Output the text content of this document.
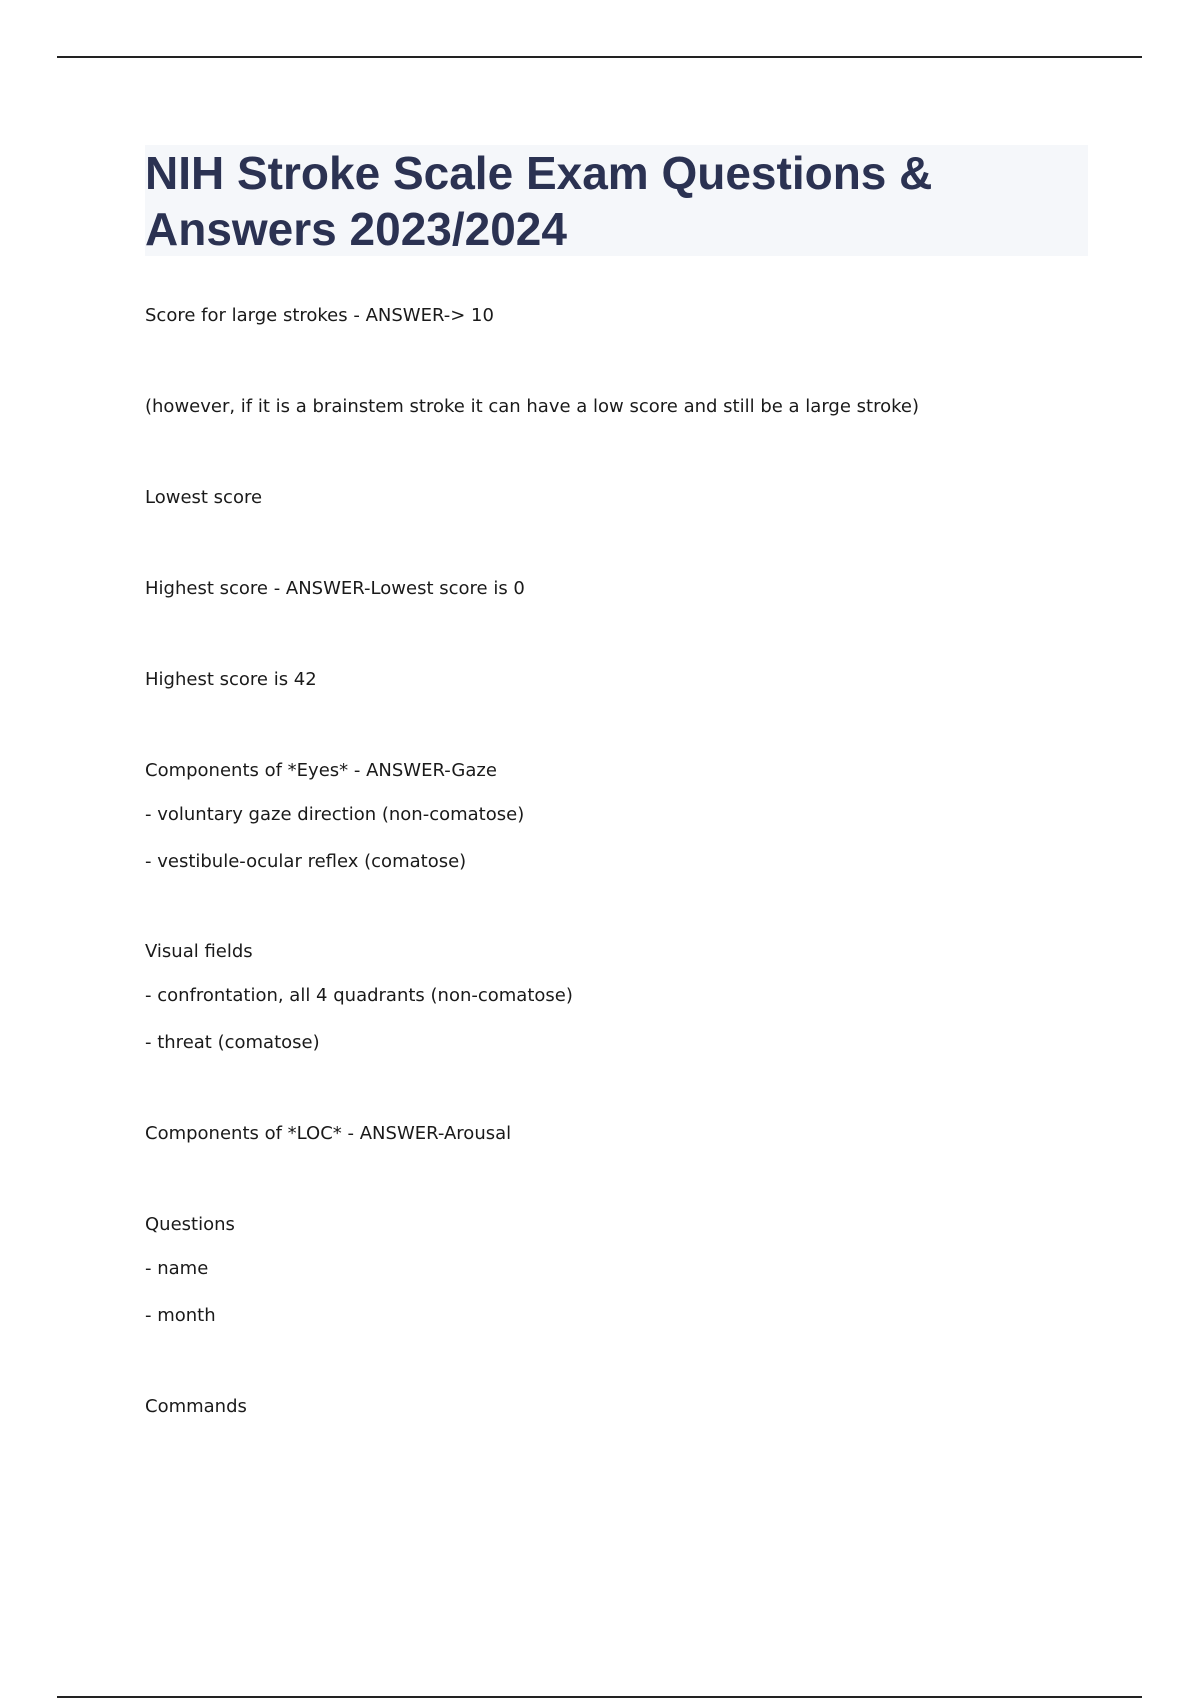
NIH Stroke Scale Exam Questions & Answers 2023/2024
Score for large strokes - ANSWER-> 10
(however, if it is a brainstem stroke it can have a low score and still be a large stroke)
Lowest score
Highest score - ANSWER-Lowest score is 0
Highest score is 42
Components of *Eyes* - ANSWER-Gaze
- voluntary gaze direction (non-comatose)
- vestibule-ocular reflex (comatose)
Visual fields
- confrontation, all 4 quadrants (non-comatose)
- threat (comatose)
Components of *LOC* - ANSWER-Arousal
Questions
- name
- month
Commands
